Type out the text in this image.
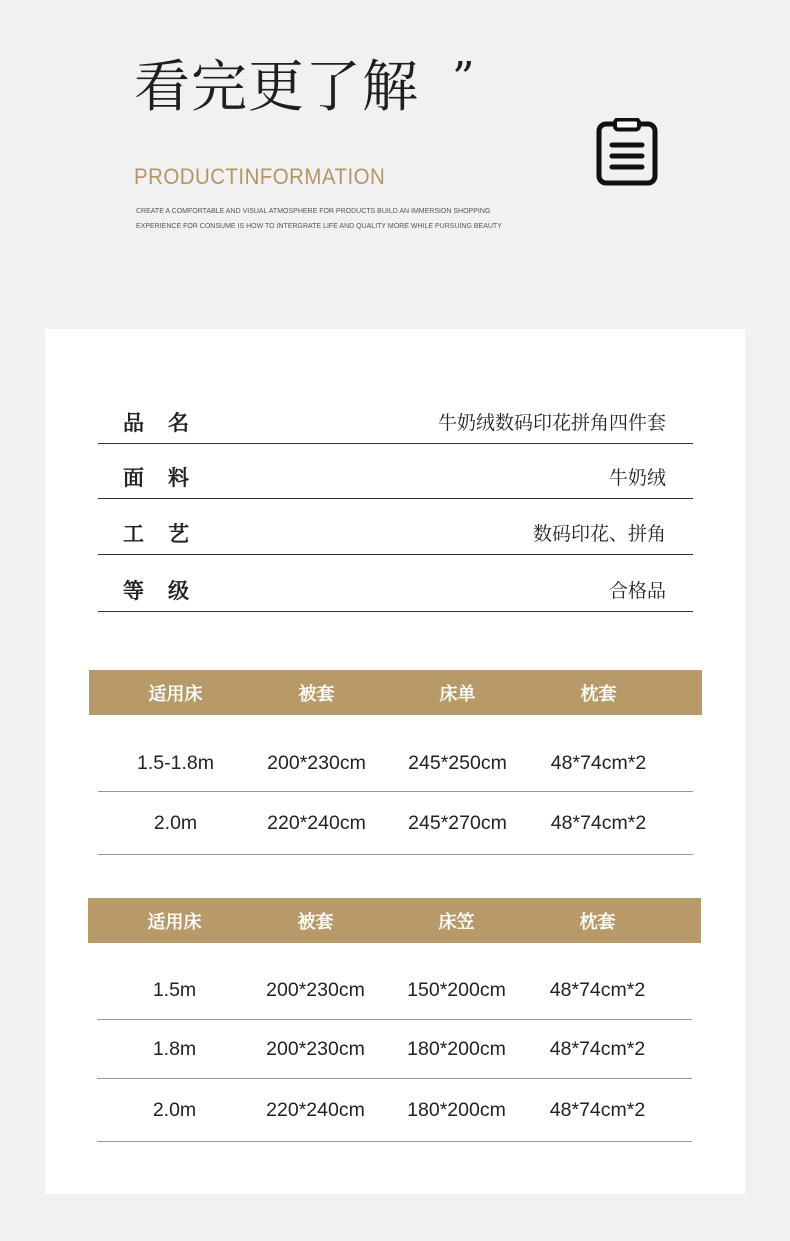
看完更了解 ”
PRODUCTINFORMATION
CREATE A COMFORTABLE AND VISUAL ATMOSPHERE FOR PRODUCTS BUILD AN IMMERSION SHOPPING EXPERIENCE FOR CONSUME IS HOW TO INTERGRATE LIFE AND QUALITY MORE WHILE PURSUING BEAUTY
品名	牛奶绒数码印花拼角四件套
面料	牛奶绒
工艺	数码印花、拼角
等级	合格品
适用床	被套	床单	枕套
1.5-1.8m	200*230cm	245*250cm	48*74cm*2
2.0m	220*240cm	245*270cm	48*74cm*2
适用床	被套	床笠	枕套
1.5m	200*230cm	150*200cm	48*74cm*2
1.8m	200*230cm	180*200cm	48*74cm*2
2.0m	220*240cm	180*200cm	48*74cm*2
